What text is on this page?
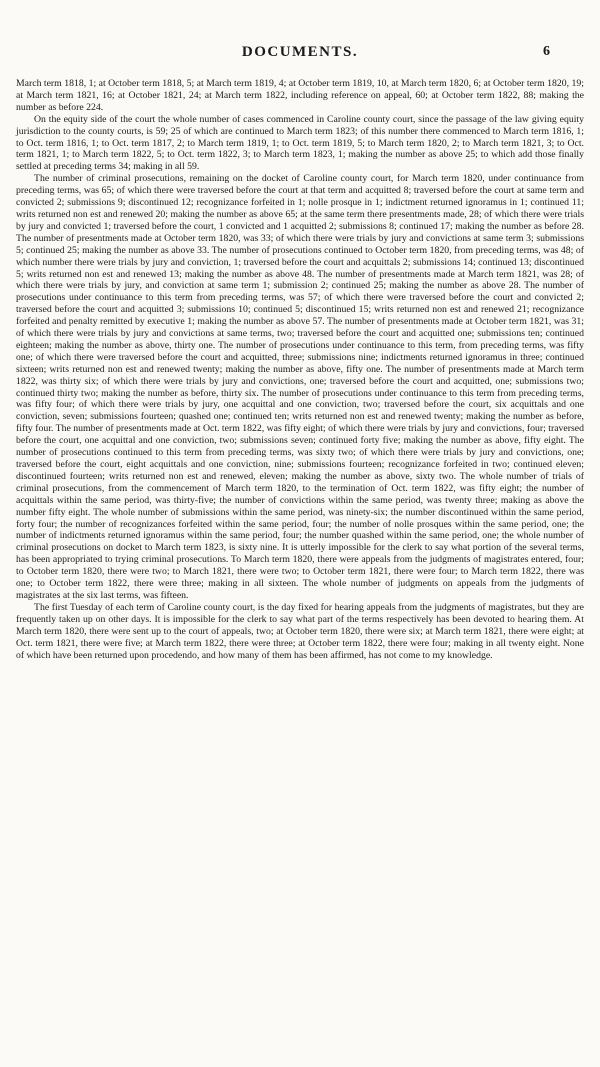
DOCUMENTS.	6

March term 1818, 1; at October term 1818, 5; at March term 1819, 4; at October term 1819, 10, at March term 1820, 6; at October term 1820, 19; at March term 1821, 16; at October 1821, 24; at March term 1822, including reference on appeal, 60; at October term 1822, 88; making the number as before 224.

On the equity side of the court the whole number of cases commenced in Caroline county court, since the passage of the law giving equity jurisdiction to the county courts, is 59; 25 of which are continued to March term 1823; of this number there commenced to March term 1816, 1; to Oct. term 1816, 1; to Oct. term 1817, 2; to March term 1819, 1; to Oct. term 1819, 5; to March term 1820, 2; to March term 1821, 3; to Oct. term 1821, 1; to March term 1822, 5; to Oct. term 1822, 3; to March term 1823, 1; making the number as above 25; to which add those finally settled at preceding terms 34; making in all 59.

The number of criminal prosecutions, remaining on the docket of Caroline county court, for March term 1820, under continuance from preceding terms, was 65; of which there were traversed before the court at that term and acquitted 8; traversed before the court at same term and convicted 2; submissions 9; discontinued 12; recognizance forfeited in 1; nolle prosque in 1; indictment returned ignoramus in 1; continued 11; writs returned non est and renewed 20; making the number as above 65; at the same term there presentments made, 28; of which there were trials by jury and convicted 1; traversed before the court, 1 convicted and 1 acquitted 2; submissions 8; continued 17; making the number as before 28. The number of presentments made at October term 1820, was 33; of which there were trials by jury and convictions at same term 3; submissions 5; continued 25; making the number as above 33. The number of prosecutions continued to October term 1820, from preceding terms, was 48; of which number there were trials by jury and conviction, 1; traversed before the court and acquittals 2; submissions 14; continued 13; discontinued 5; writs returned non est and renewed 13; making the number as above 48. The number of presentments made at March term 1821, was 28; of which there were trials by jury, and conviction at same term 1; submission 2; continued 25; making the number as above 28. The number of prosecutions under continuance to this term from preceding terms, was 57; of which there were traversed before the court and convicted 2; traversed before the court and acquitted 3; submissions 10; continued 5; discontinued 15; writs returned non est and renewed 21; recognizance forfeited and penalty remitted by executive 1; making the number as above 57. The number of presentments made at October term 1821, was 31; of which there were trials by jury and convictions at same terms, two; traversed before the court and acquitted one; submissions ten; continued eighteen; making the number as above, thirty one. The number of prosecutions under continuance to this term, from preceding terms, was fifty one; of which there were traversed before the court and acquitted, three; submissions nine; indictments returned ignoramus in three; continued sixteen; writs returned non est and renewed twenty; making the number as above, fifty one. The number of presentments made at March term 1822, was thirty six; of which there were trials by jury and convictions, one; traversed before the court and acquitted, one; submissions two; continued thirty two; making the number as before, thirty six. The number of prosecutions under continuance to this term from preceding terms, was fifty four; of which there were trials by jury, one acquittal and one conviction, two; traversed before the court, six acquittals and one conviction, seven; submissions fourteen; quashed one; continued ten; writs returned non est and renewed twenty; making the number as before, fifty four. The number of presentments made at Oct. term 1822, was fifty eight; of which there were trials by jury and convictions, four; traversed before the court, one acquittal and one conviction, two; submissions seven; continued forty five; making the number as above, fifty eight. The number of prosecutions continued to this term from preceding terms, was sixty two; of which there were trials by jury and convictions, one; traversed before the court, eight acquittals and one conviction, nine; submissions fourteen; recognizance forfeited in two; continued eleven; discontinued fourteen; writs returned non est and renewed, eleven; making the number as above, sixty two. The whole number of trials of criminal prosecutions, from the commencement of March term 1820, to the termination of Oct. term 1822, was fifty eight; the number of acquittals within the same period, was thirty-five; the number of convictions within the same period, was twenty three; making as above the number fifty eight. The whole number of submissions within the same period, was ninety-six; the number discontinued within the same period, forty four; the number of recognizances forfeited within the same period, four; the number of nolle prosques within the same period, one; the number of indictments returned ignoramus within the same period, four; the number quashed within the same period, one; the whole number of criminal prosecutions on docket to March term 1823, is sixty nine. It is utterly impossible for the clerk to say what portion of the several terms, has been appropriated to trying criminal prosecutions. To March term 1820, there were appeals from the judgments of magistrates entered, four; to October term 1820, there were two; to March 1821, there were two; to October term 1821, there were four; to March term 1822, there was one; to October term 1822, there were three; making in all sixteen. The whole number of judgments on appeals from the judgments of magistrates at the six last terms, was fifteen.

The first Tuesday of each term of Caroline county court, is the day fixed for hearing appeals from the judgments of magistrates, but they are frequently taken up on other days. It is impossible for the clerk to say what part of the terms respectively has been devoted to hearing them. At March term 1820, there were sent up to the court of appeals, two; at October term 1820, there were six; at March term 1821, there were eight; at Oct. term 1821, there were five; at March term 1822, there were three; at October term 1822, there were four; making in all twenty eight. None of which have been returned upon procedendo, and how many of them has been affirmed, has not come to my knowledge.
